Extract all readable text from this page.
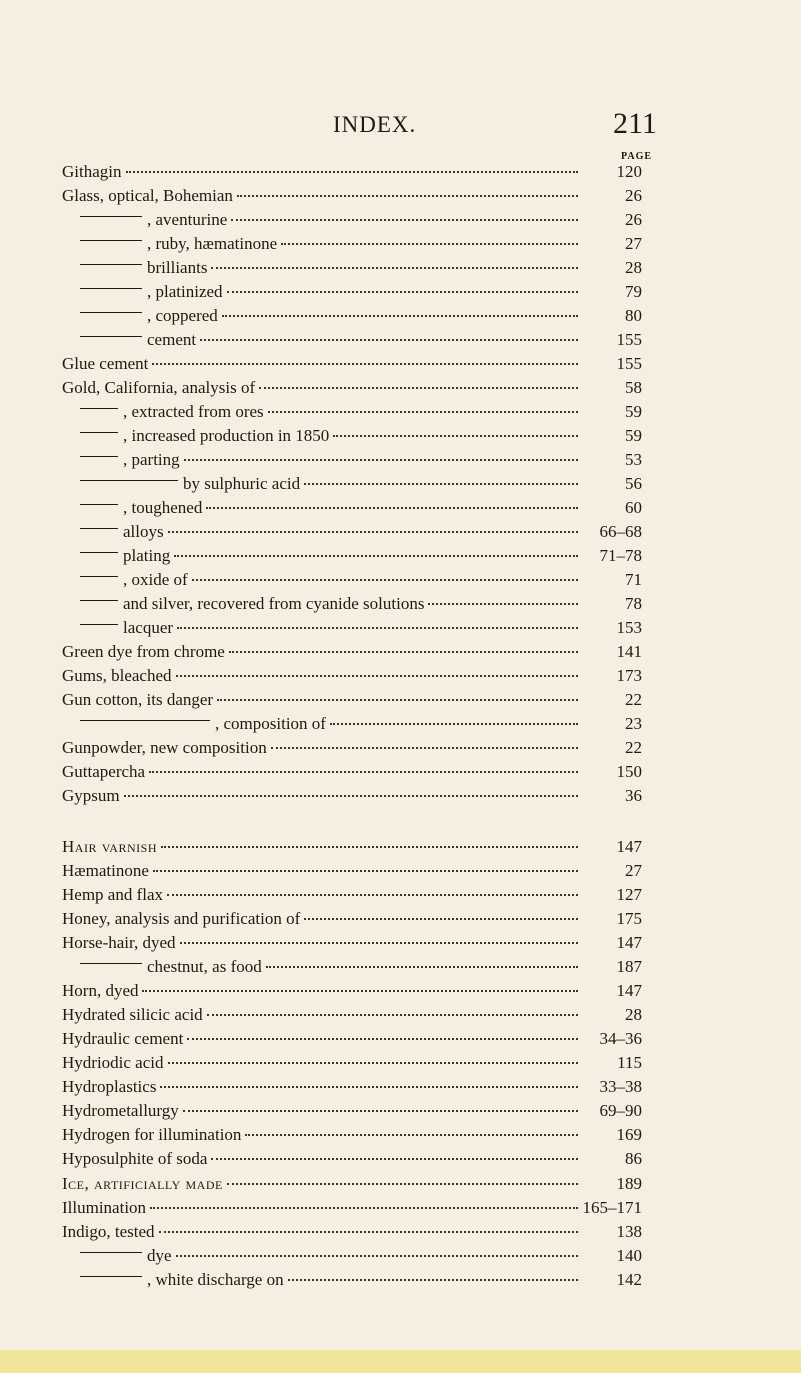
INDEX.	211
PAGE
Githagin	120
Glass, optical, Bohemian	26
, aventurine	26
, ruby, hæmatinone	27
brilliants	28
, platinized	79
, coppered	80
cement	155
Glue cement	155
Gold, California, analysis of	58
, extracted from ores	59
, increased production in 1850	59
, parting	53
by sulphuric acid	56
, toughened	60
alloys	66–68
plating	71–78
, oxide of	71
and silver, recovered from cyanide solutions	78
lacquer	153
Green dye from chrome	141
Gums, bleached	173
Gun cotton, its danger	22
, composition of	23
Gunpowder, new composition	22
Guttapercha	150
Gypsum	36
Hair varnish	147
Hæmatinone	27
Hemp and flax	127
Honey, analysis and purification of	175
Horse-hair, dyed	147
chestnut, as food	187
Horn, dyed	147
Hydrated silicic acid	28
Hydraulic cement	34–36
Hydriodic acid	115
Hydroplastics	33–38
Hydrometallurgy	69–90
Hydrogen for illumination	169
Hyposulphite of soda	86
Ice, artificially made	189
Illumination	165–171
Indigo, tested	138
dye	140
, white discharge on	142
